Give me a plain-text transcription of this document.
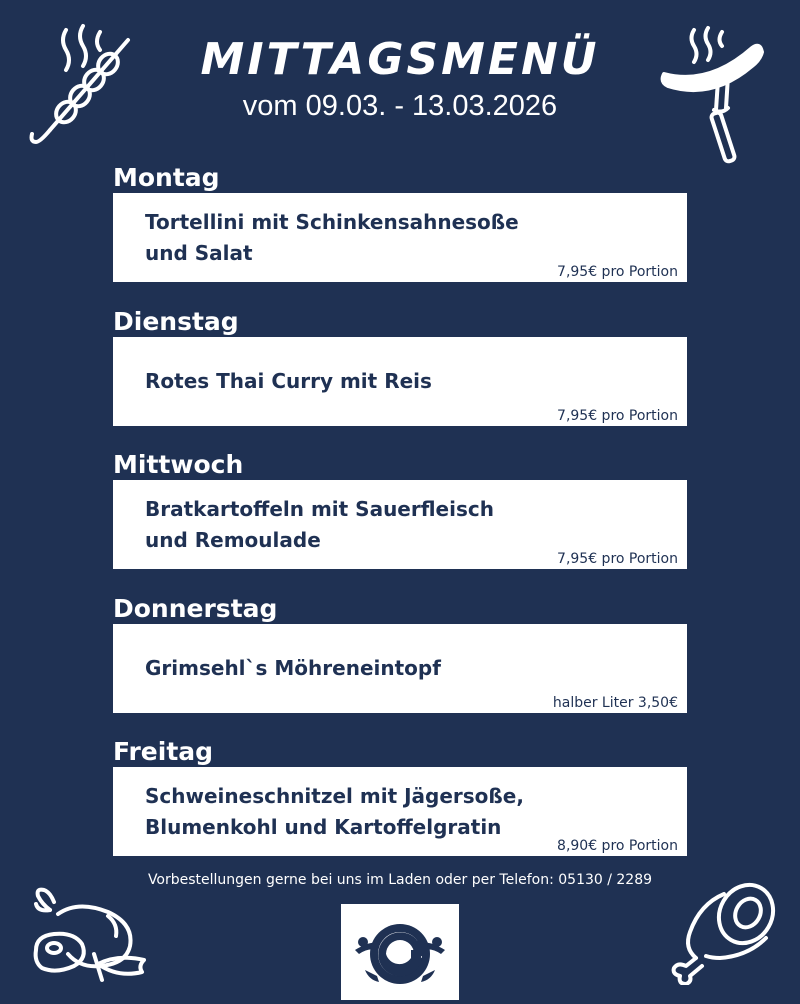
MITTAGSMENÜ
vom 09.03. - 13.03.2026
Montag
Tortellini mit Schinkensahnesoße
und Salat
7,95€ pro Portion
Dienstag
Rotes Thai Curry mit Reis
7,95€ pro Portion
Mittwoch
Bratkartoffeln mit Sauerfleisch
und Remoulade
7,95€ pro Portion
Donnerstag
Grimsehl`s Möhreneintopf
halber Liter 3,50€
Freitag
Schweineschnitzel mit Jägersoße,
Blumenkohl und Kartoffelgratin
8,90€ pro Portion
Vorbestellungen gerne bei uns im Laden oder per Telefon: 05130 / 2289
